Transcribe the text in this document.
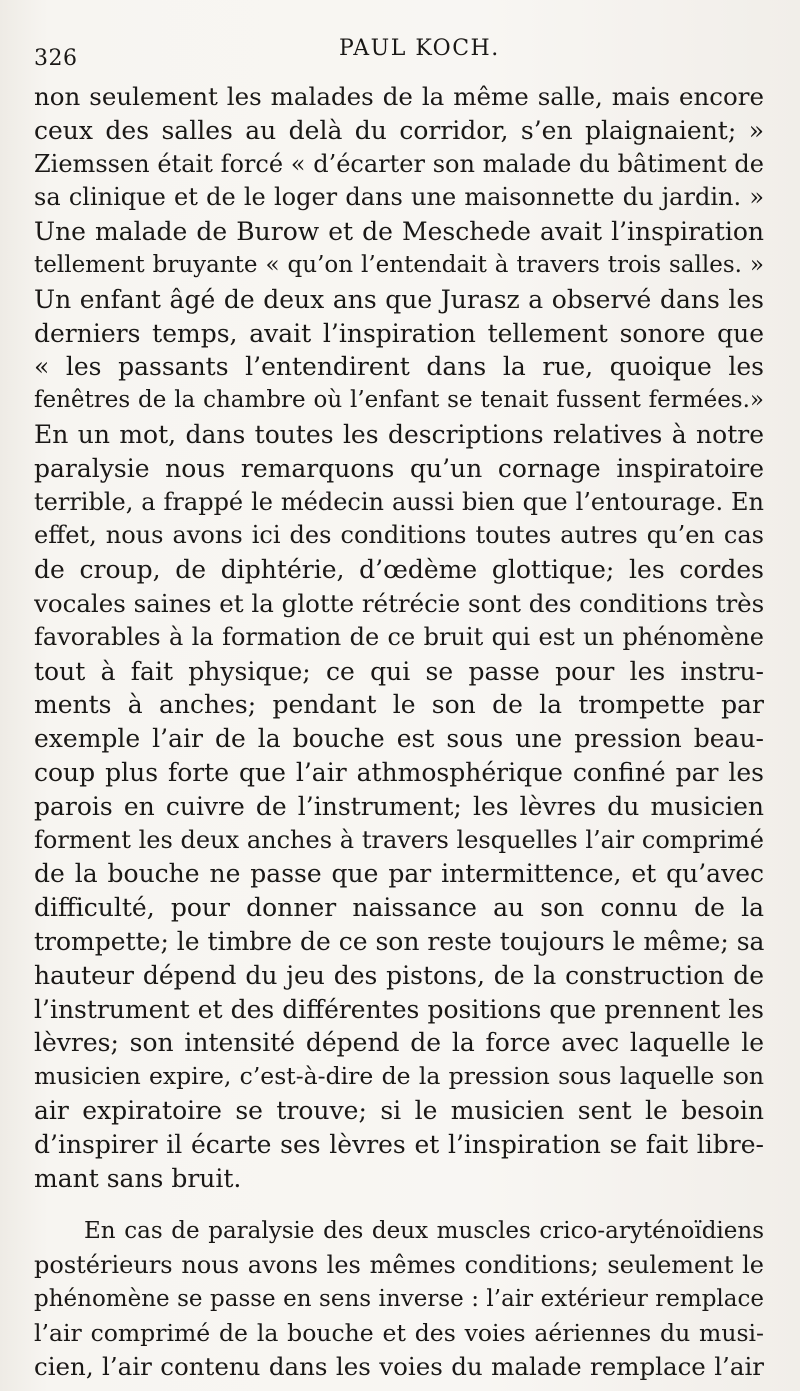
326	PAUL KOCH.
non seulement les malades de la même salle, mais encore
ceux des salles au delà du corridor, s’en plaignaient; »
Ziemssen était forcé « d’écarter son malade du bâtiment de
sa clinique et de le loger dans une maisonnette du jardin. »
Une malade de Burow et de Meschede avait l’inspiration
tellement bruyante « qu’on l’entendait à travers trois salles. »
Un enfant âgé de deux ans que Jurasz a observé dans les
derniers temps, avait l’inspiration tellement sonore que
« les passants l’entendirent dans la rue, quoique les
fenêtres de la chambre où l’enfant se tenait fussent fermées.»
En un mot, dans toutes les descriptions relatives à notre
paralysie nous remarquons qu’un cornage inspiratoire
terrible, a frappé le médecin aussi bien que l’entourage. En
effet, nous avons ici des conditions toutes autres qu’en cas
de croup, de diphtérie, d’œdème glottique; les cordes
vocales saines et la glotte rétrécie sont des conditions très
favorables à la formation de ce bruit qui est un phénomène
tout à fait physique; ce qui se passe pour les instru-
ments à anches; pendant le son de la trompette par
exemple l’air de la bouche est sous une pression beau-
coup plus forte que l’air athmosphérique confiné par les
parois en cuivre de l’instrument; les lèvres du musicien
forment les deux anches à travers lesquelles l’air comprimé
de la bouche ne passe que par intermittence, et qu’avec
difficulté, pour donner naissance au son connu de la
trompette; le timbre de ce son reste toujours le même; sa
hauteur dépend du jeu des pistons, de la construction de
l’instrument et des différentes positions que prennent les
lèvres; son intensité dépend de la force avec laquelle le
musicien expire, c’est-à-dire de la pression sous laquelle son
air expiratoire se trouve; si le musicien sent le besoin
d’inspirer il écarte ses lèvres et l’inspiration se fait libre-
mant sans bruit.
En cas de paralysie des deux muscles crico-aryténoïdiens
postérieurs nous avons les mêmes conditions; seulement le
phénomène se passe en sens inverse : l’air extérieur remplace
l’air comprimé de la bouche et des voies aériennes du musi-
cien, l’air contenu dans les voies du malade remplace l’air
